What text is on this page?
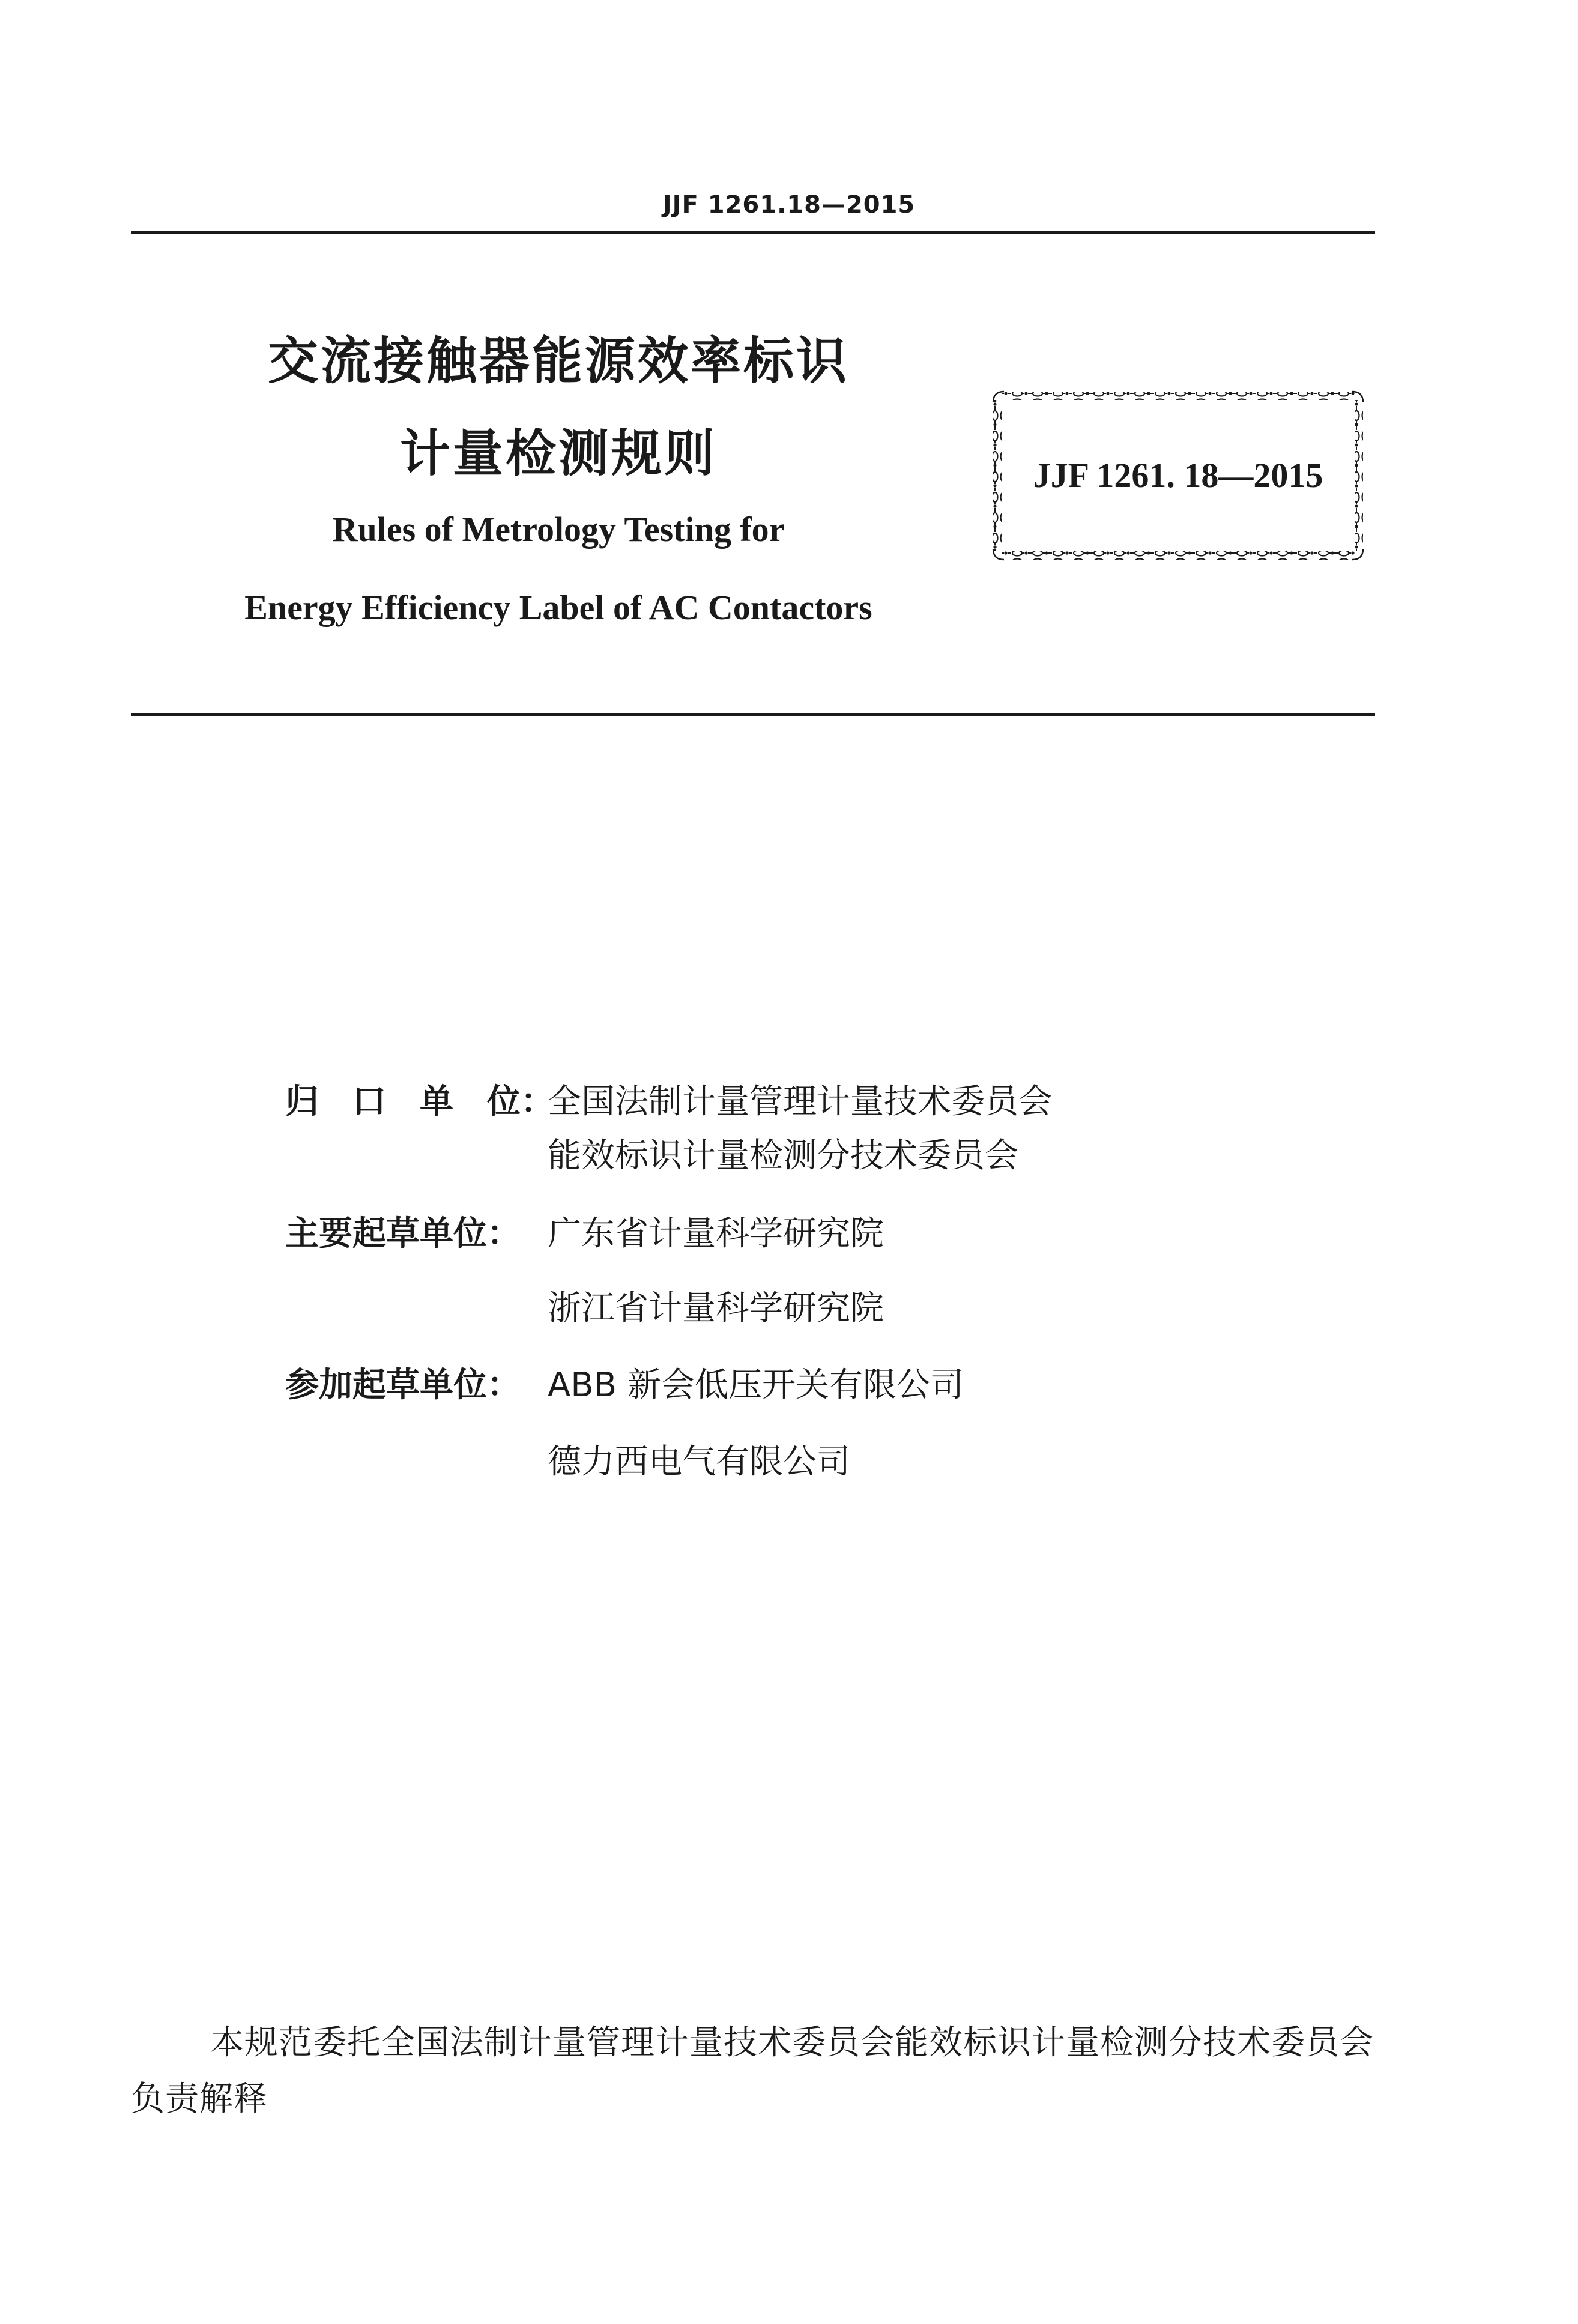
JJF 1261.18—2015
交流接触器能源效率标识
计量检测规则
Rules of Metrology Testing for
Energy Efficiency Label of AC Contactors
JJF 1261. 18—2015
归　口　单　位：
全国法制计量管理计量技术委员会
能效标识计量检测分技术委员会
主要起草单位： 广东省计量科学研究院
浙江省计量科学研究院
参加起草单位： ABB 新会低压开关有限公司
德力西电气有限公司
本规范委托全国法制计量管理计量技术委员会能效标识计量检测分技术委员会负责解释
